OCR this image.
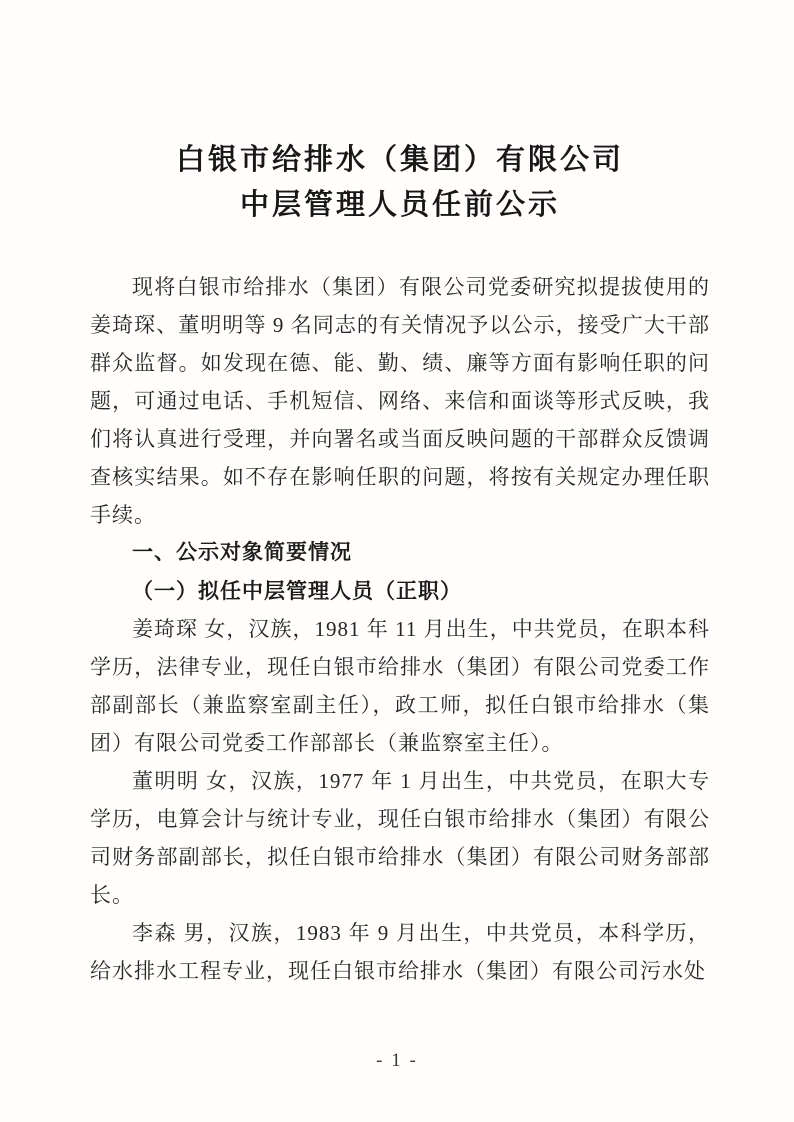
白银市给排水（集团）有限公司
中层管理人员任前公示

现将白银市给排水（集团）有限公司党委研究拟提拔使用的姜琦琛、董明明等 9 名同志的有关情况予以公示，接受广大干部群众监督。如发现在德、能、勤、绩、廉等方面有影响任职的问题，可通过电话、手机短信、网络、来信和面谈等形式反映，我们将认真进行受理，并向署名或当面反映问题的干部群众反馈调查核实结果。如不存在影响任职的问题，将按有关规定办理任职手续。

一、公示对象简要情况

（一）拟任中层管理人员（正职）

姜琦琛 女，汉族，1981 年 11 月出生，中共党员，在职本科学历，法律专业，现任白银市给排水（集团）有限公司党委工作部副部长（兼监察室副主任），政工师，拟任白银市给排水（集团）有限公司党委工作部部长（兼监察室主任）。

董明明 女，汉族，1977 年 1 月出生，中共党员，在职大专学历，电算会计与统计专业，现任白银市给排水（集团）有限公司财务部副部长，拟任白银市给排水（集团）有限公司财务部部长。

李森 男，汉族，1983 年 9 月出生，中共党员，本科学历，给水排水工程专业，现任白银市给排水（集团）有限公司污水处

- 1 -
